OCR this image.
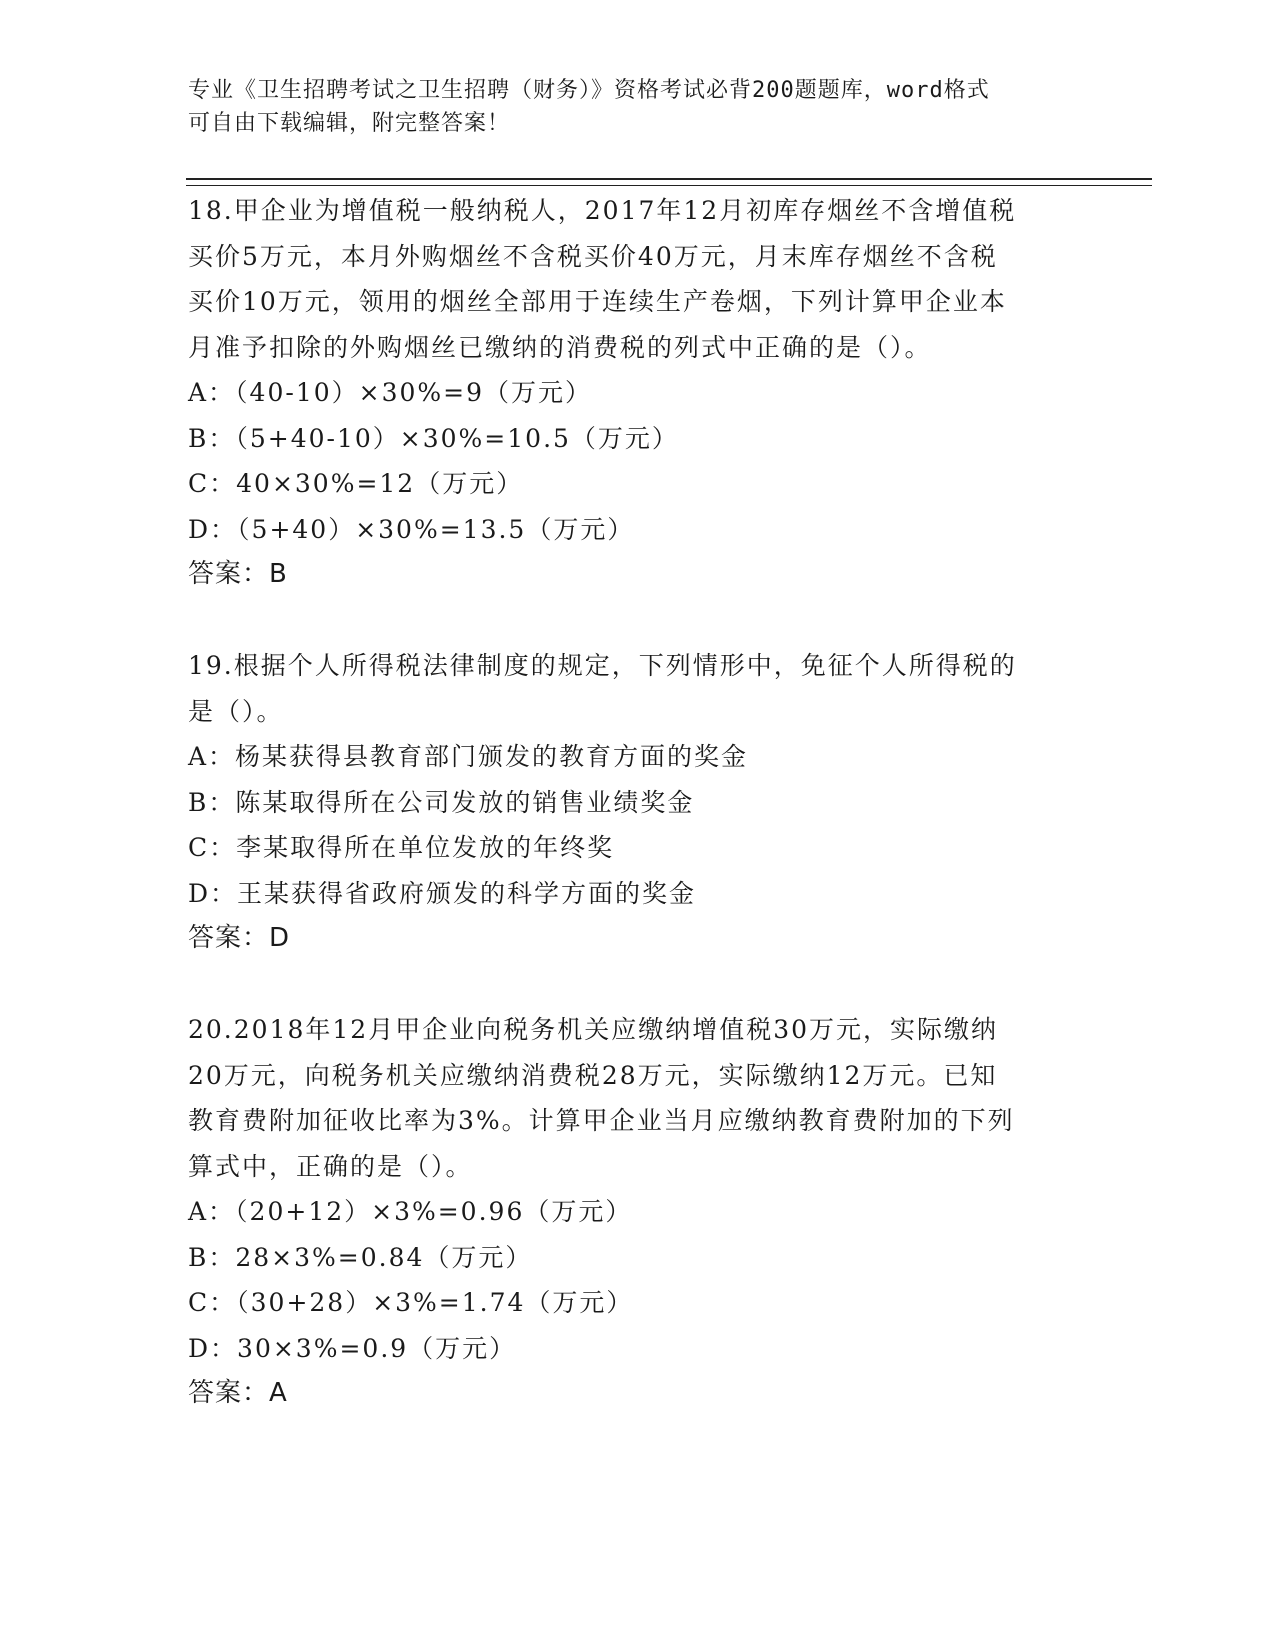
专业《卫生招聘考试之卫生招聘（财务）》资格考试必背200题题库，word格式
可自由下载编辑，附完整答案！
18.甲企业为增值税一般纳税人，2017年12月初库存烟丝不含增值税
买价5万元，本月外购烟丝不含税买价40万元，月末库存烟丝不含税
买价10万元，领用的烟丝全部用于连续生产卷烟，下列计算甲企业本
月准予扣除的外购烟丝已缴纳的消费税的列式中正确的是（）。
A：（40-10）×30%=9（万元）
B：（5+40-10）×30%=10.5（万元）
C：40×30%=12（万元）
D：（5+40）×30%=13.5（万元）
答案：B
19.根据个人所得税法律制度的规定，下列情形中，免征个人所得税的
是（）。
A：杨某获得县教育部门颁发的教育方面的奖金
B：陈某取得所在公司发放的销售业绩奖金
C：李某取得所在单位发放的年终奖
D：王某获得省政府颁发的科学方面的奖金
答案：D
20.2018年12月甲企业向税务机关应缴纳增值税30万元，实际缴纳
20万元，向税务机关应缴纳消费税28万元，实际缴纳12万元。已知
教育费附加征收比率为3%。计算甲企业当月应缴纳教育费附加的下列
算式中，正确的是（）。
A：（20+12）×3%=0.96（万元）
B：28×3%=0.84（万元）
C：（30+28）×3%=1.74（万元）
D：30×3%=0.9（万元）
答案：A
